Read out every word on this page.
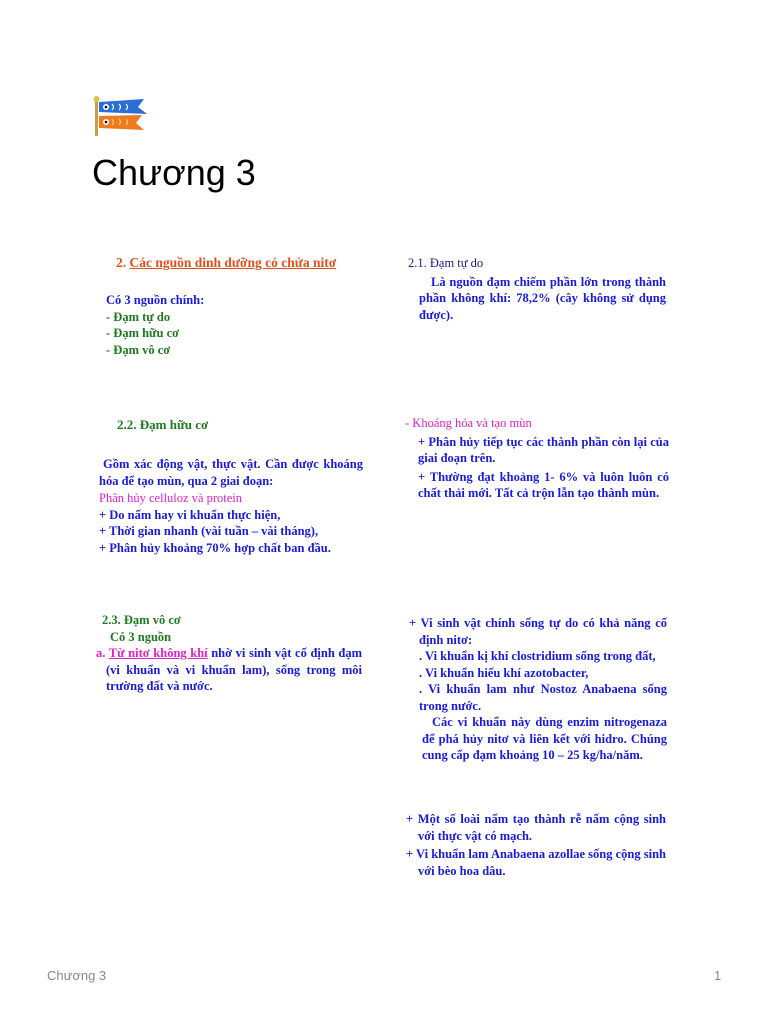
Chương 3

2. Các nguồn dinh dưỡng có chứa nitơ

Có 3 nguồn chính:

- Đạm tự do

- Đạm hữu cơ

- Đạm vô cơ

2.1. Đạm tự do

Là nguồn đạm chiếm phần lớn trong thành phần không khí: 78,2% (cây không sử dụng được).

2.2. Đạm hữu cơ

Gồm xác động vật, thực vật. Cần được khoáng hóa để tạo mùn, qua 2 giai đoạn:

Phân hủy celluloz và protein

+ Do nấm hay vi khuẩn thực hiện,

+ Thời gian nhanh (vài tuần – vài tháng),

+ Phân hủy khoảng 70% hợp chất ban đầu.

- Khoáng hóa và tạo mùn

+ Phân hủy tiếp tục các thành phần còn lại của giai đoạn trên.

+ Thường đạt khoảng 1- 6% và luôn luôn có chất thải mới. Tất cả trộn lẫn tạo thành mùn.

2.3. Đạm vô cơ

Có 3 nguồn

a. Từ nitơ không khí nhờ vi sinh vật cố định đạm (vi khuẩn và vi khuẩn lam), sống trong môi trường đất và nước.

+ Vi sinh vật chính sống tự do có khả năng cố định nitơ:

. Vi khuẩn kị khí clostridium sống trong đất,

. Vi khuẩn hiếu khí azotobacter,

. Vi khuẩn lam như Nostoz Anabaena sống trong nước.

Các vi khuẩn này dùng enzim nitrogenaza để phá hủy nitơ và liên kết với hidro. Chúng cung cấp đạm khoảng 10 – 25 kg/ha/năm.

+ Một số loài nấm tạo thành rễ nấm cộng sinh với thực vật có mạch.

+ Vi khuẩn lam Anabaena azollae sống cộng sinh với bèo hoa dâu.

Chương 3	1
